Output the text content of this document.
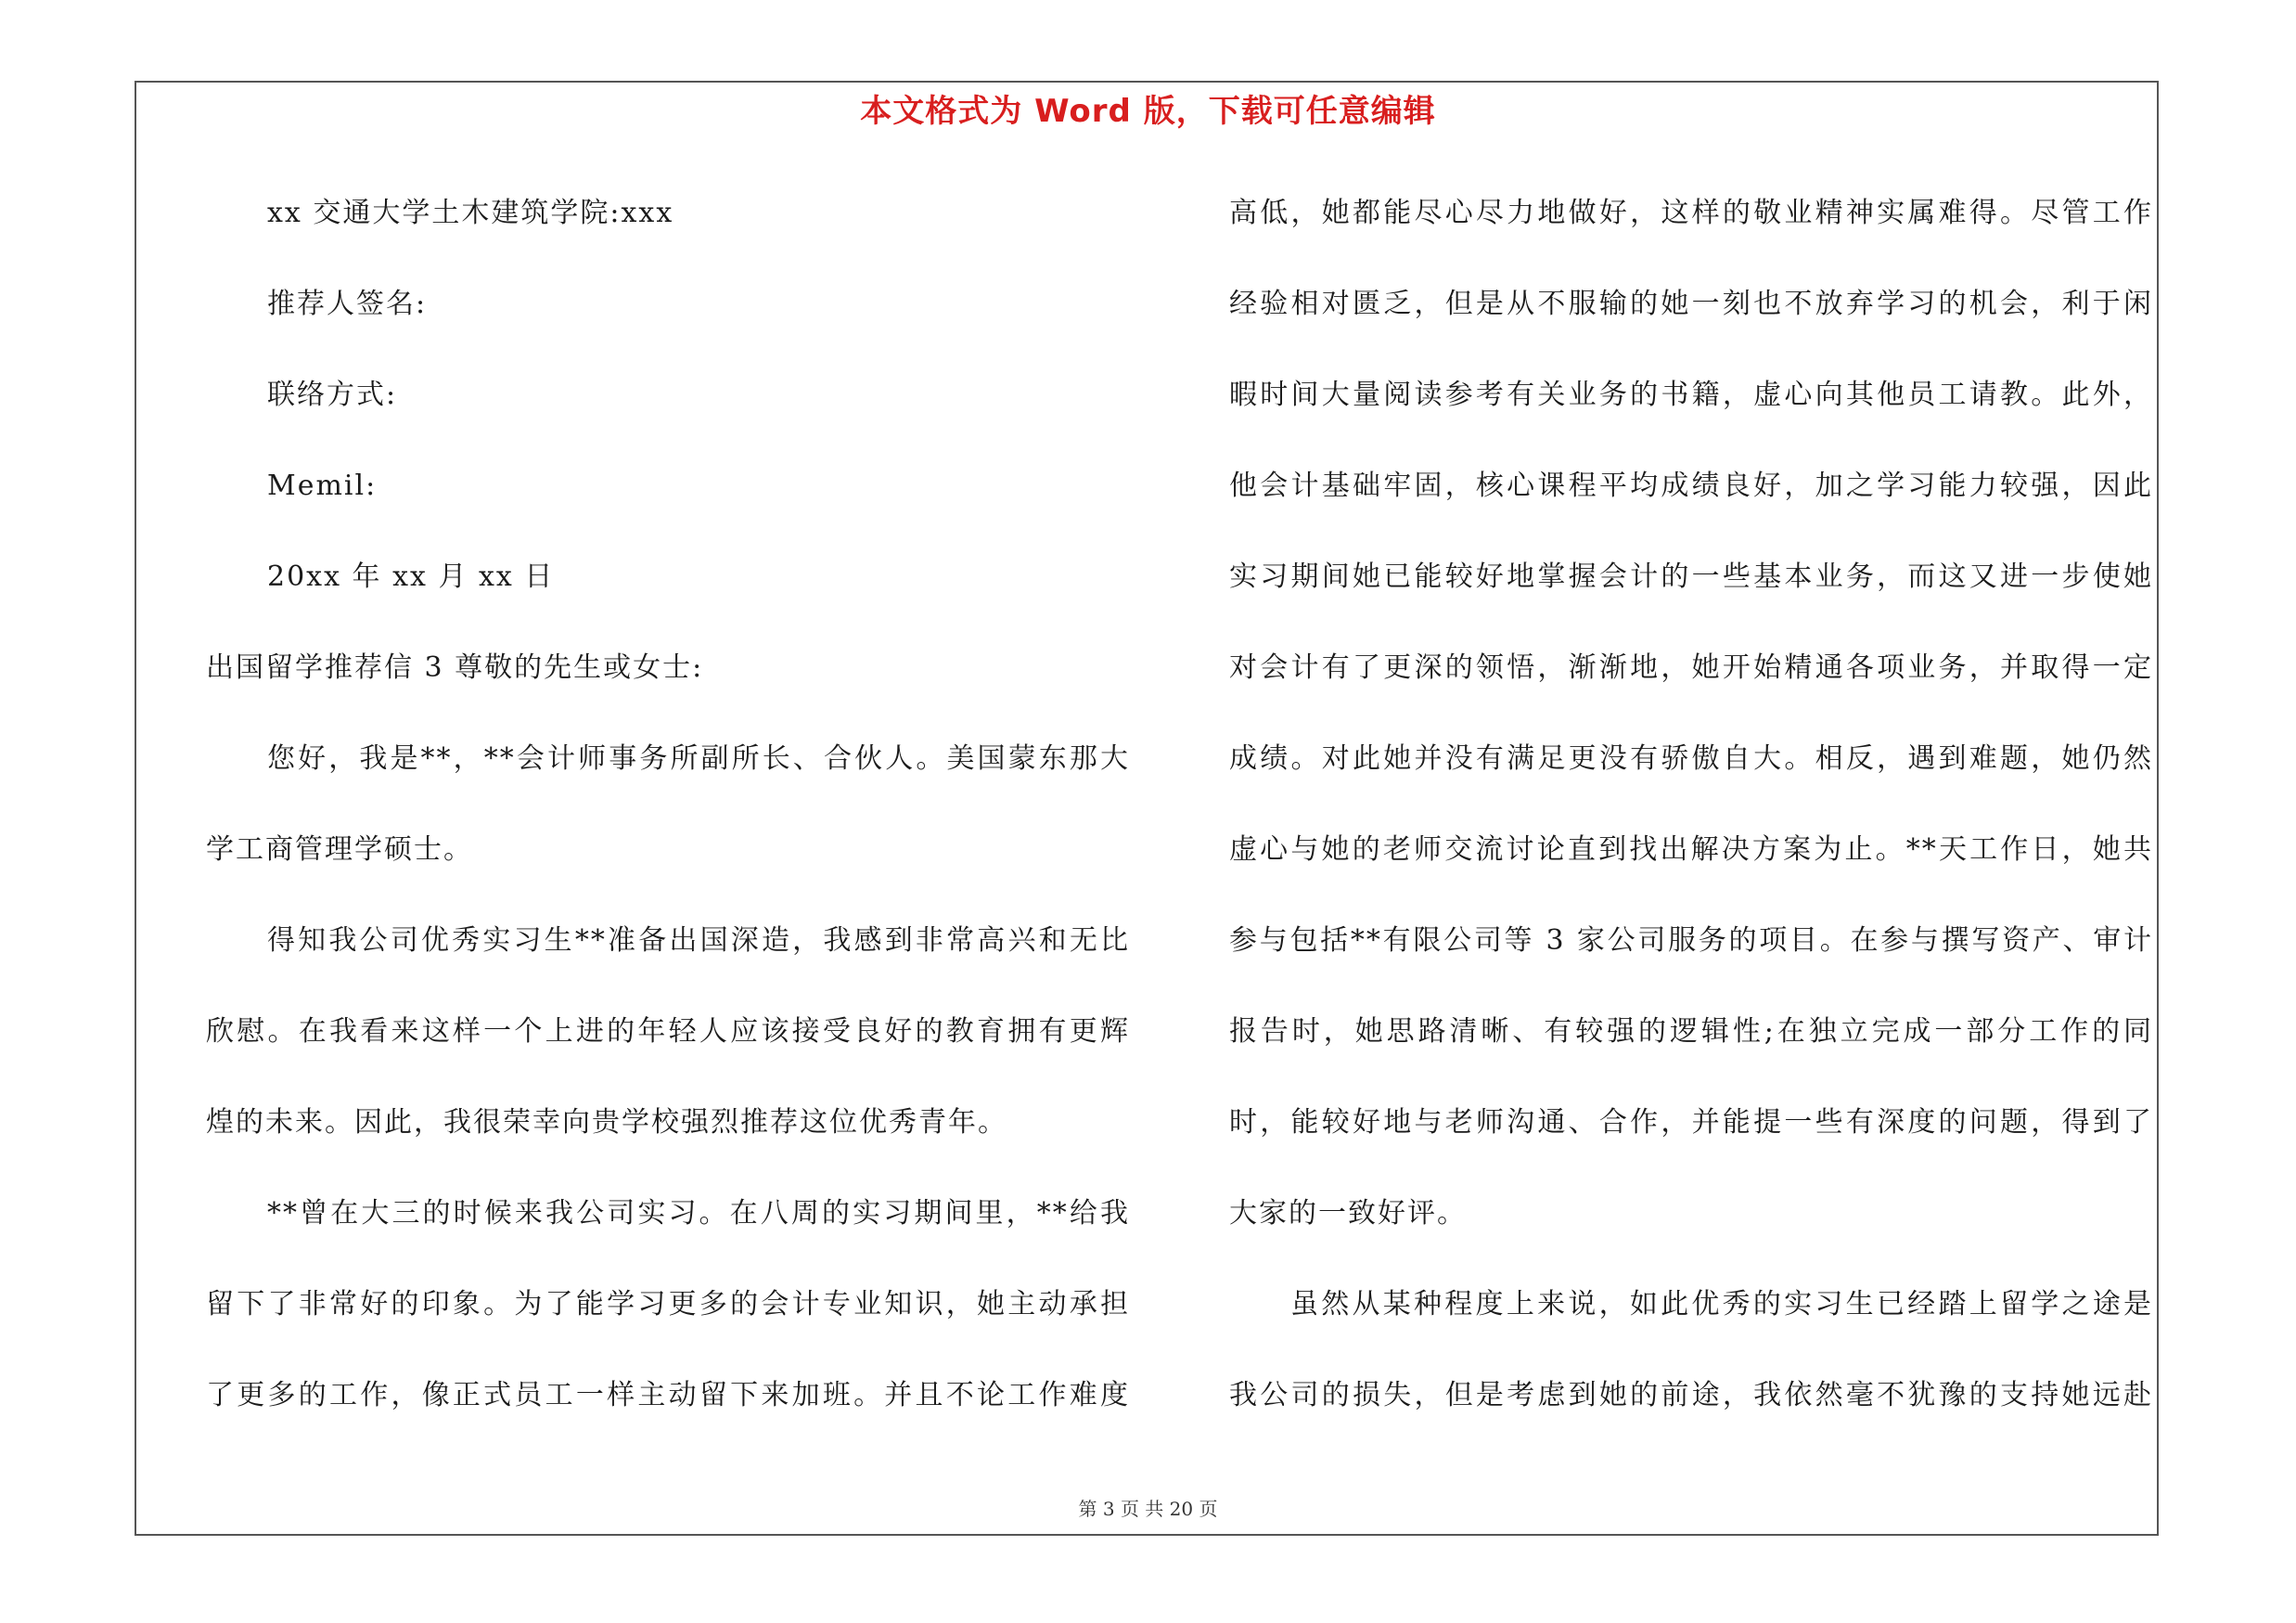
本文格式为 Word 版，下载可任意编辑
xx 交通大学土木建筑学院:xxx
推荐人签名:
联络方式:
Memil:
20xx 年 xx 月 xx 日
出国留学推荐信 3 尊敬的先生或女士:
您好，我是**，**会计师事务所副所长、合伙人。美国蒙东那大
学工商管理学硕士。
得知我公司优秀实习生**准备出国深造，我感到非常高兴和无比
欣慰。在我看来这样一个上进的年轻人应该接受良好的教育拥有更辉
煌的未来。因此，我很荣幸向贵学校强烈推荐这位优秀青年。
**曾在大三的时候来我公司实习。在八周的实习期间里，**给我
留下了非常好的印象。为了能学习更多的会计专业知识，她主动承担
了更多的工作，像正式员工一样主动留下来加班。并且不论工作难度
高低，她都能尽心尽力地做好，这样的敬业精神实属难得。尽管工作
经验相对匮乏，但是从不服输的她一刻也不放弃学习的机会，利于闲
暇时间大量阅读参考有关业务的书籍，虚心向其他员工请教。此外，
他会计基础牢固，核心课程平均成绩良好，加之学习能力较强，因此
实习期间她已能较好地掌握会计的一些基本业务，而这又进一步使她
对会计有了更深的领悟，渐渐地，她开始精通各项业务，并取得一定
成绩。对此她并没有满足更没有骄傲自大。相反，遇到难题，她仍然
虚心与她的老师交流讨论直到找出解决方案为止。**天工作日，她共
参与包括**有限公司等 3 家公司服务的项目。在参与撰写资产、审计
报告时，她思路清晰、有较强的逻辑性;在独立完成一部分工作的同
时，能较好地与老师沟通、合作，并能提一些有深度的问题，得到了
大家的一致好评。
虽然从某种程度上来说，如此优秀的实习生已经踏上留学之途是
我公司的损失，但是考虑到她的前途，我依然毫不犹豫的支持她远赴
第 3 页 共 20 页
